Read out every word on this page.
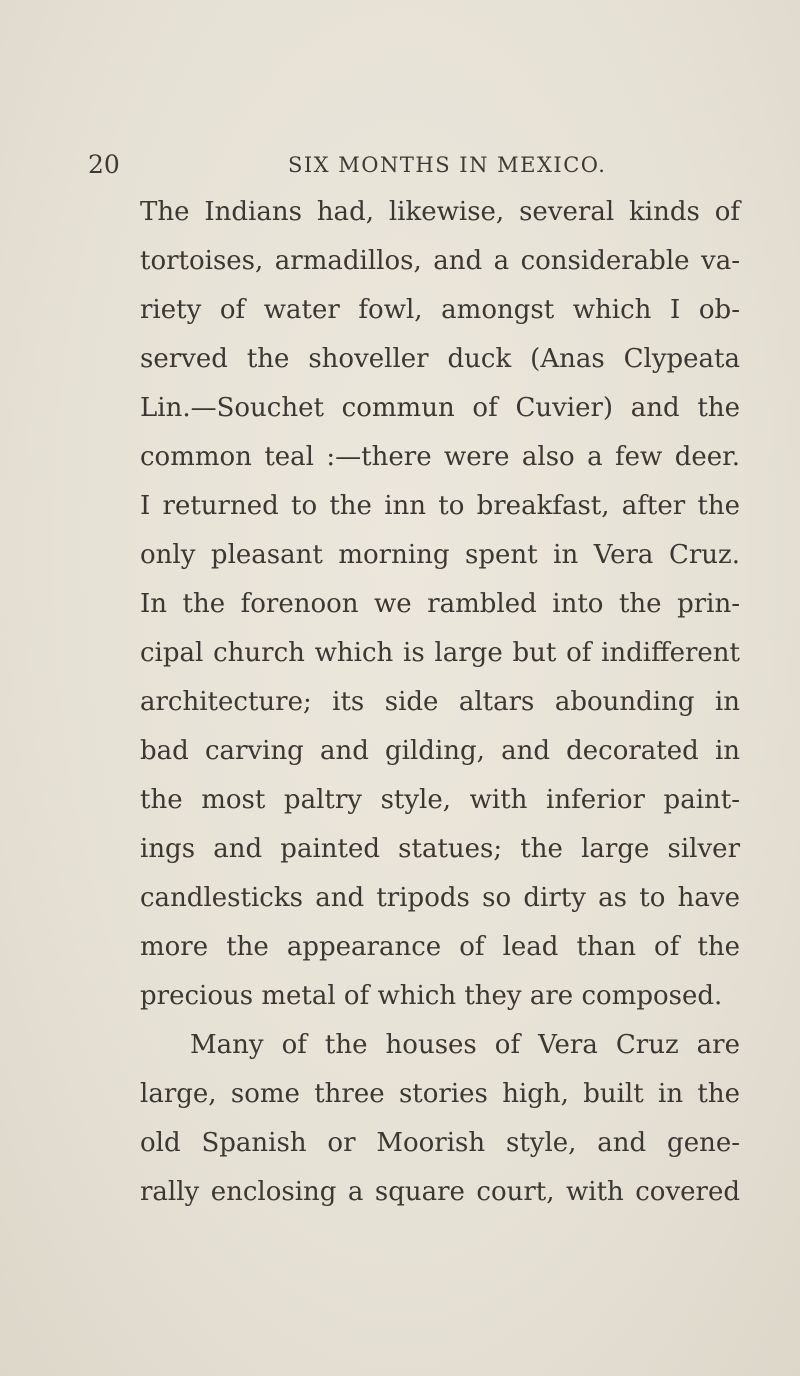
20	SIX MONTHS IN MEXICO.
The Indians had, likewise, several kinds of
tortoises, armadillos, and a considerable va-
riety of water fowl, amongst which I ob-
served the shoveller duck (Anas Clypeata
Lin.—Souchet commun of Cuvier) and the
common teal :—there were also a few deer.
I returned to the inn to breakfast, after the
only pleasant morning spent in Vera Cruz.
In the forenoon we rambled into the prin-
cipal church which is large but of indifferent
architecture; its side altars abounding in
bad carving and gilding, and decorated in
the most paltry style, with inferior paint-
ings and painted statues; the large silver
candlesticks and tripods so dirty as to have
more the appearance of lead than of the
precious metal of which they are composed.
Many of the houses of Vera Cruz are
large, some three stories high, built in the
old Spanish or Moorish style, and gene-
rally enclosing a square court, with covered
